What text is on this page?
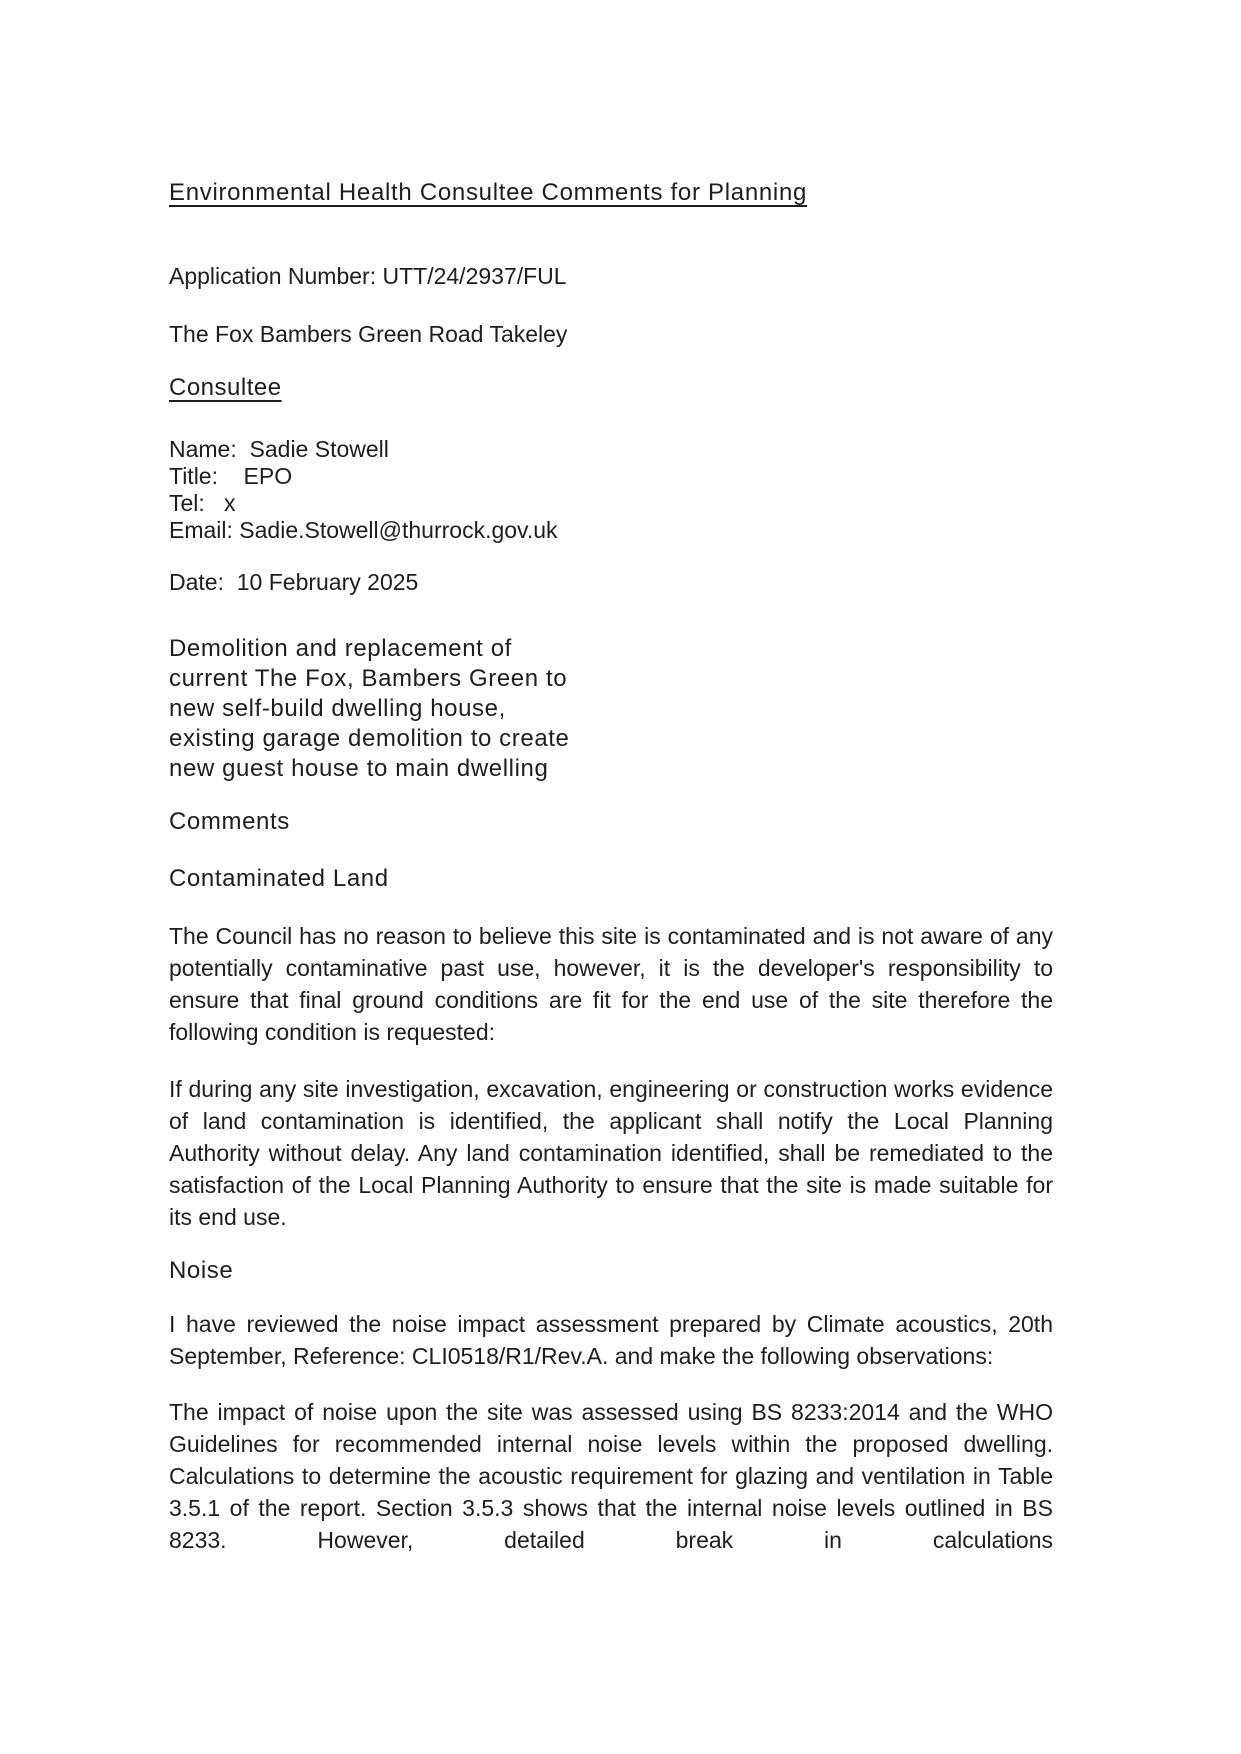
Environmental Health Consultee Comments for Planning

Application Number: UTT/24/2937/FUL

The Fox Bambers Green Road Takeley

Consultee
Name:  Sadie Stowell
Title:    EPO
Tel:   x
Email: Sadie.Stowell@thurrock.gov.uk

Date:  10 February 2025

Demolition and replacement of
current The Fox, Bambers Green to
new self-build dwelling house,
existing garage demolition to create
new guest house to main dwelling
Comments
Contaminated Land

The Council has no reason to believe this site is contaminated and is not aware of any potentially contaminative past use, however, it is the developer's responsibility to ensure that final ground conditions are fit for the end use of the site therefore the following condition is requested:

If during any site investigation, excavation, engineering or construction works evidence of land contamination is identified, the applicant shall notify the Local Planning Authority without delay. Any land contamination identified, shall be remediated to the satisfaction of the Local Planning Authority to ensure that the site is made suitable for its end use.

Noise

I have reviewed the noise impact assessment prepared by Climate acoustics, 20th September, Reference: CLI0518/R1/Rev.A. and make the following observations:

The impact of noise upon the site was assessed using BS 8233:2014 and the WHO Guidelines for recommended internal noise levels within the proposed dwelling. Calculations to determine the acoustic requirement for glazing and ventilation in Table 3.5.1 of the report. Section 3.5.3 shows that the internal noise levels outlined in BS 8233. However, detailed break in calculations
